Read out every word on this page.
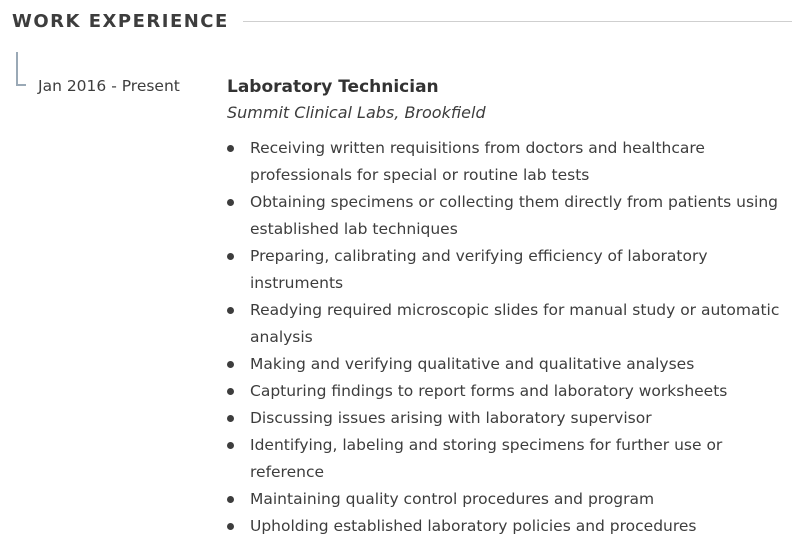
WORK EXPERIENCE
Jan 2016 - Present	Laboratory Technician
Summit Clinical Labs, Brookfield
Receiving written requisitions from doctors and healthcare professionals for special or routine lab tests
Obtaining specimens or collecting them directly from patients using established lab techniques
Preparing, calibrating and verifying efficiency of laboratory instruments
Readying required microscopic slides for manual study or automatic analysis
Making and verifying qualitative and qualitative analyses
Capturing findings to report forms and laboratory worksheets
Discussing issues arising with laboratory supervisor
Identifying, labeling and storing specimens for further use or reference
Maintaining quality control procedures and program
Upholding established laboratory policies and procedures
